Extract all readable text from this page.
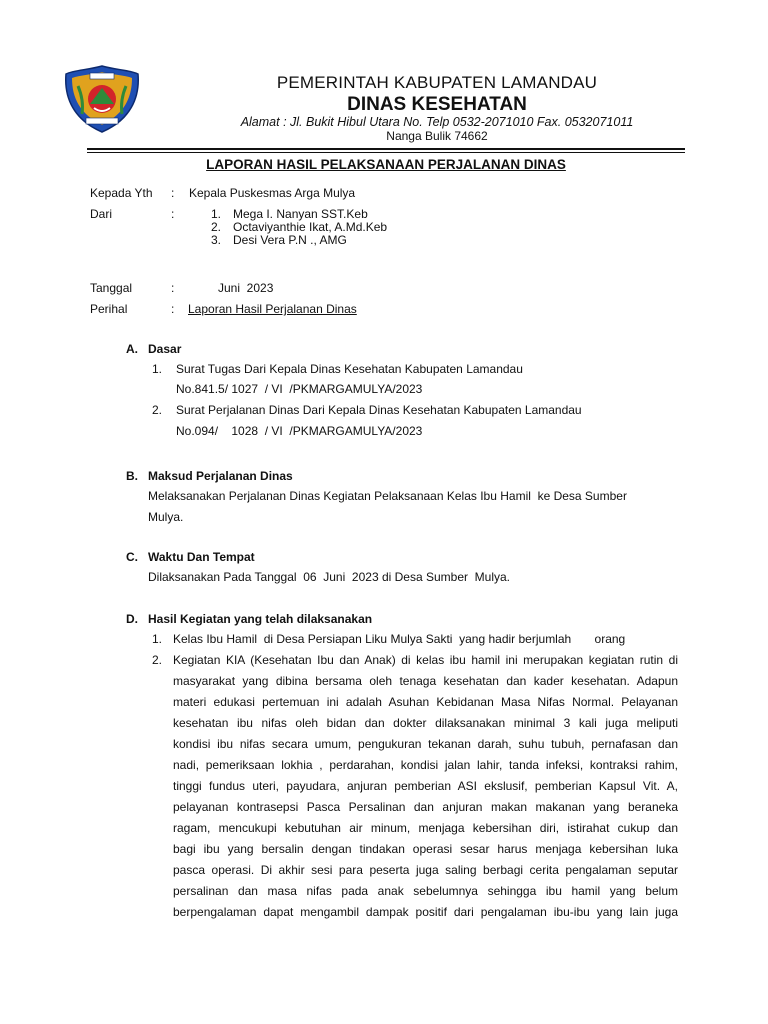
PEMERINTAH KABUPATEN LAMANDAU
DINAS KESEHATAN
Alamat : Jl. Bukit Hibul Utara No. Telp 0532-2071010 Fax. 0532071011
Nanga Bulik 74662
LAPORAN HASIL PELAKSANAAN PERJALANAN DINAS
Kepada Yth : Kepala Puskesmas Arga Mulya
Dari	:	1. Mega I. Nanyan SST.Keb
2. Octaviyanthie Ikat, A.Md.Keb
3. Desi Vera P.N ., AMG
Tanggal	:	Juni  2023
Perihal	: Laporan Hasil Perjalanan Dinas
A. Dasar
1. Surat Tugas Dari Kepala Dinas Kesehatan Kabupaten Lamandau
No.841.5/ 1027  / VI  /PKMARGAMULYA/2023
2. Surat Perjalanan Dinas Dari Kepala Dinas Kesehatan Kabupaten Lamandau
No.094/    1028  / VI  /PKMARGAMULYA/2023
B. Maksud Perjalanan Dinas
Melaksanakan Perjalanan Dinas Kegiatan Pelaksanaan Kelas Ibu Hamil  ke Desa Sumber
Mulya.
C. Waktu Dan Tempat
Dilaksanakan Pada Tanggal  06  Juni  2023 di Desa Sumber  Mulya.
D. Hasil Kegiatan yang telah dilaksanakan
1. Kelas Ibu Hamil  di Desa Persiapan Liku Mulya Sakti  yang hadir berjumlah       orang
2. Kegiatan KIA (Kesehatan Ibu dan Anak) di kelas ibu hamil ini merupakan kegiatan rutin di
masyarakat yang dibina bersama oleh tenaga kesehatan dan kader kesehatan. Adapun
materi edukasi pertemuan ini adalah Asuhan Kebidanan Masa Nifas Normal. Pelayanan
kesehatan ibu nifas oleh bidan dan dokter dilaksanakan minimal 3 kali juga meliputi
kondisi ibu nifas secara umum, pengukuran tekanan darah, suhu tubuh, pernafasan dan
nadi, pemeriksaan lokhia , perdarahan, kondisi jalan lahir, tanda infeksi, kontraksi rahim,
tinggi fundus uteri, payudara, anjuran pemberian ASI ekslusif, pemberian Kapsul Vit. A,
pelayanan kontrasepsi Pasca Persalinan dan anjuran makan makanan yang beraneka
ragam, mencukupi kebutuhan air minum, menjaga kebersihan diri, istirahat cukup dan
bagi ibu yang bersalin dengan tindakan operasi sesar harus menjaga kebersihan luka
pasca operasi. Di akhir sesi para peserta juga saling berbagi cerita pengalaman seputar
persalinan dan masa nifas pada anak sebelumnya sehingga ibu hamil yang belum
berpengalaman dapat mengambil dampak positif dari pengalaman ibu-ibu yang lain juga
